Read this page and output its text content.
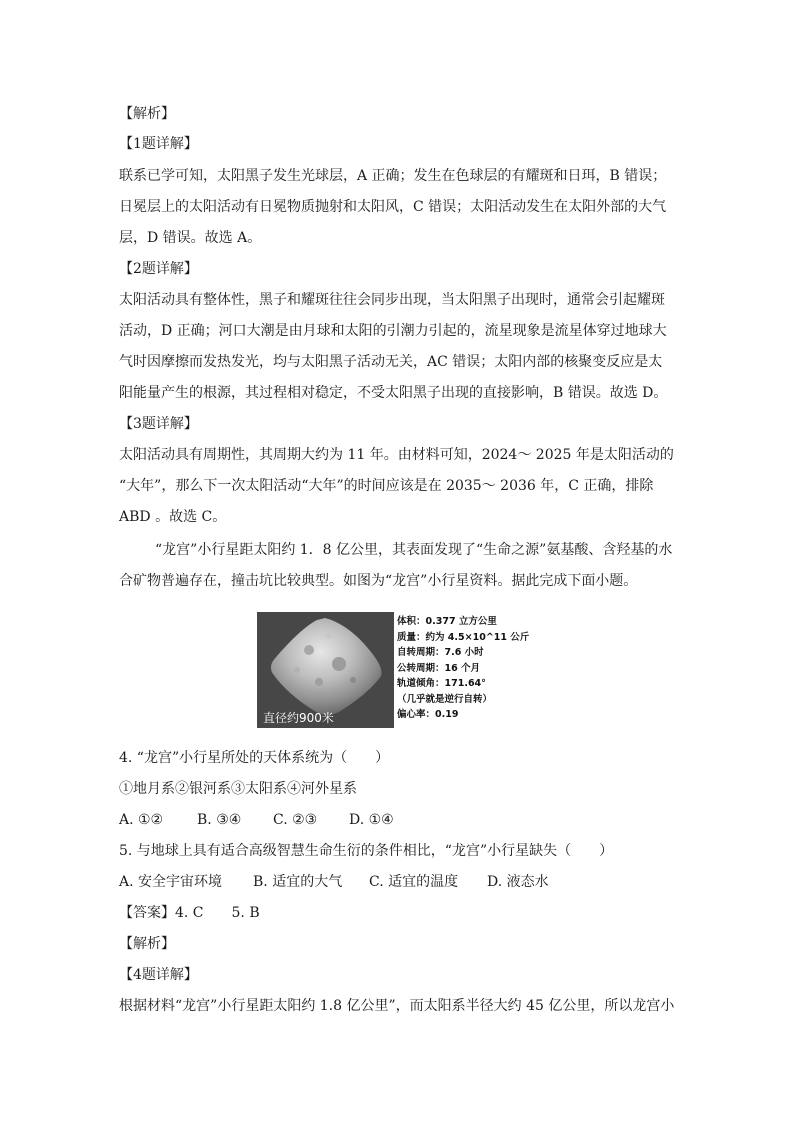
【解析】
【1题详解】
联系已学可知，太阳黑子发生光球层，A 正确；发生在色球层的有耀斑和日珥，B 错误；
日冕层上的太阳活动有日冕物质抛射和太阳风，C 错误；太阳活动发生在太阳外部的大气
层，D 错误。故选 A。
【2题详解】
太阳活动具有整体性，黑子和耀斑往往会同步出现，当太阳黑子出现时，通常会引起耀斑
活动，D 正确；河口大潮是由月球和太阳的引潮力引起的，流星现象是流星体穿过地球大
气时因摩擦而发热发光，均与太阳黑子活动无关，AC 错误；太阳内部的核聚变反应是太
阳能量产生的根源，其过程相对稳定，不受太阳黑子出现的直接影响，B 错误。故选 D。
【3题详解】
太阳活动具有周期性，其周期大约为 11 年。由材料可知，2024～ 2025 年是太阳活动的
“大年”，那么下一次太阳活动“大年”的时间应该是在 2035～ 2036 年，C 正确，排除
ABD 。故选 C。
“龙宫”小行星距太阳约 1．8 亿公里，其表面发现了“生命之源”氨基酸、含羟基的水
合矿物普遍存在，撞击坑比较典型。如图为“龙宫”小行星资料。据此完成下面小题。
直径约900米
体积：0.377 立方公里
质量：约为 4.5×10^11 公斤
自转周期：7.6 小时
公转周期：16 个月
轨道倾角：171.64°
（几乎就是逆行自转）
偏心率：0.19
4. “龙宫”小行星所处的天体系统为（　　）
①地月系②银河系③太阳系④河外星系
A. ①② B. ③④ C. ②③ D. ①④
5. 与地球上具有适合高级智慧生命生衍的条件相比，“龙宫”小行星缺失（　　）
A. 安全宇宙环境 B. 适宜的大气 C. 适宜的温度 D. 液态水
【答案】4. C　　5. B
【解析】
【4题详解】
根据材料“龙宫”小行星距太阳约 1.8 亿公里”，而太阳系半径大约 45 亿公里，所以龙宫小
